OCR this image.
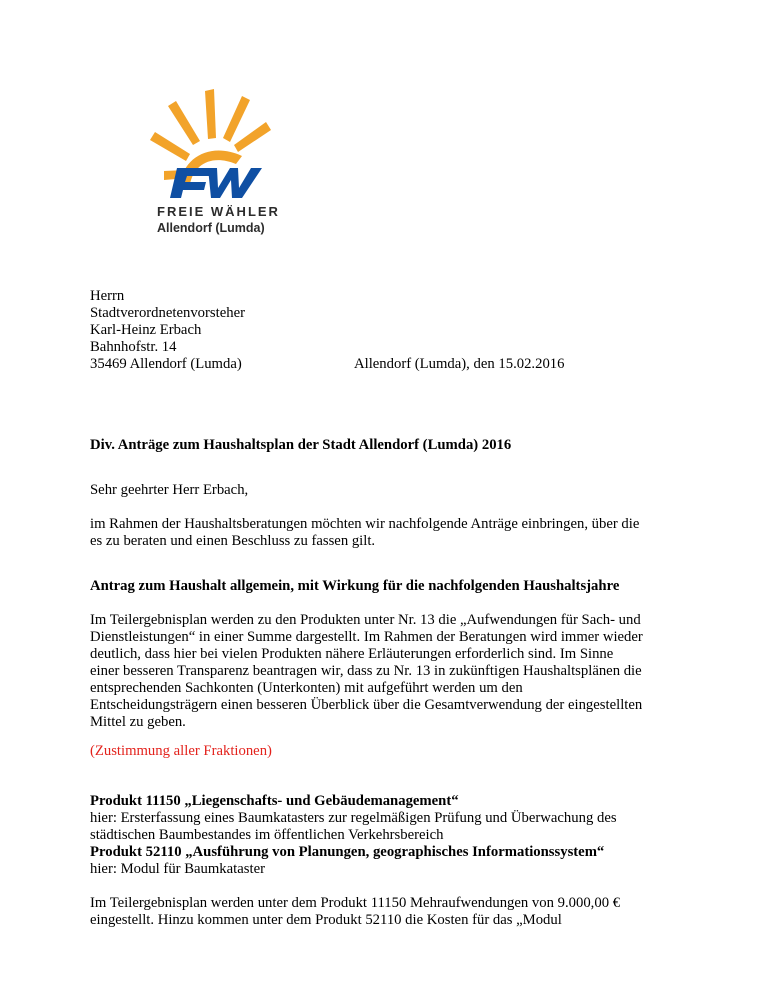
FREIE WÄHLER
Allendorf (Lumda)
Herrn
Stadtverordnetenvorsteher
Karl-Heinz Erbach
Bahnhofstr. 14
35469 Allendorf (Lumda)	Allendorf (Lumda), den 15.02.2016
Div. Anträge zum Haushaltsplan der Stadt Allendorf (Lumda) 2016
Sehr geehrter Herr Erbach,
im Rahmen der Haushaltsberatungen möchten wir nachfolgende Anträge einbringen, über die
es zu beraten und einen Beschluss zu fassen gilt.
Antrag zum Haushalt allgemein, mit Wirkung für die nachfolgenden Haushaltsjahre
Im Teilergebnisplan werden zu den Produkten unter Nr. 13 die „Aufwendungen für Sach- und
Dienstleistungen“ in einer Summe dargestellt. Im Rahmen der Beratungen wird immer wieder
deutlich, dass hier bei vielen Produkten nähere Erläuterungen erforderlich sind. Im Sinne
einer besseren Transparenz beantragen wir, dass zu Nr. 13 in zukünftigen Haushaltsplänen die
entsprechenden Sachkonten (Unterkonten) mit aufgeführt werden um den
Entscheidungsträgern einen besseren Überblick über die Gesamtverwendung der eingestellten
Mittel zu geben.
(Zustimmung aller Fraktionen)
Produkt 11150 „Liegenschafts- und Gebäudemanagement“
hier: Ersterfassung eines Baumkatasters zur regelmäßigen Prüfung und Überwachung des
städtischen Baumbestandes im öffentlichen Verkehrsbereich
Produkt 52110 „Ausführung von Planungen, geographisches Informationssystem“
hier: Modul für Baumkataster
Im Teilergebnisplan werden unter dem Produkt 11150 Mehraufwendungen von 9.000,00 €
eingestellt. Hinzu kommen unter dem Produkt 52110 die Kosten für das „Modul
